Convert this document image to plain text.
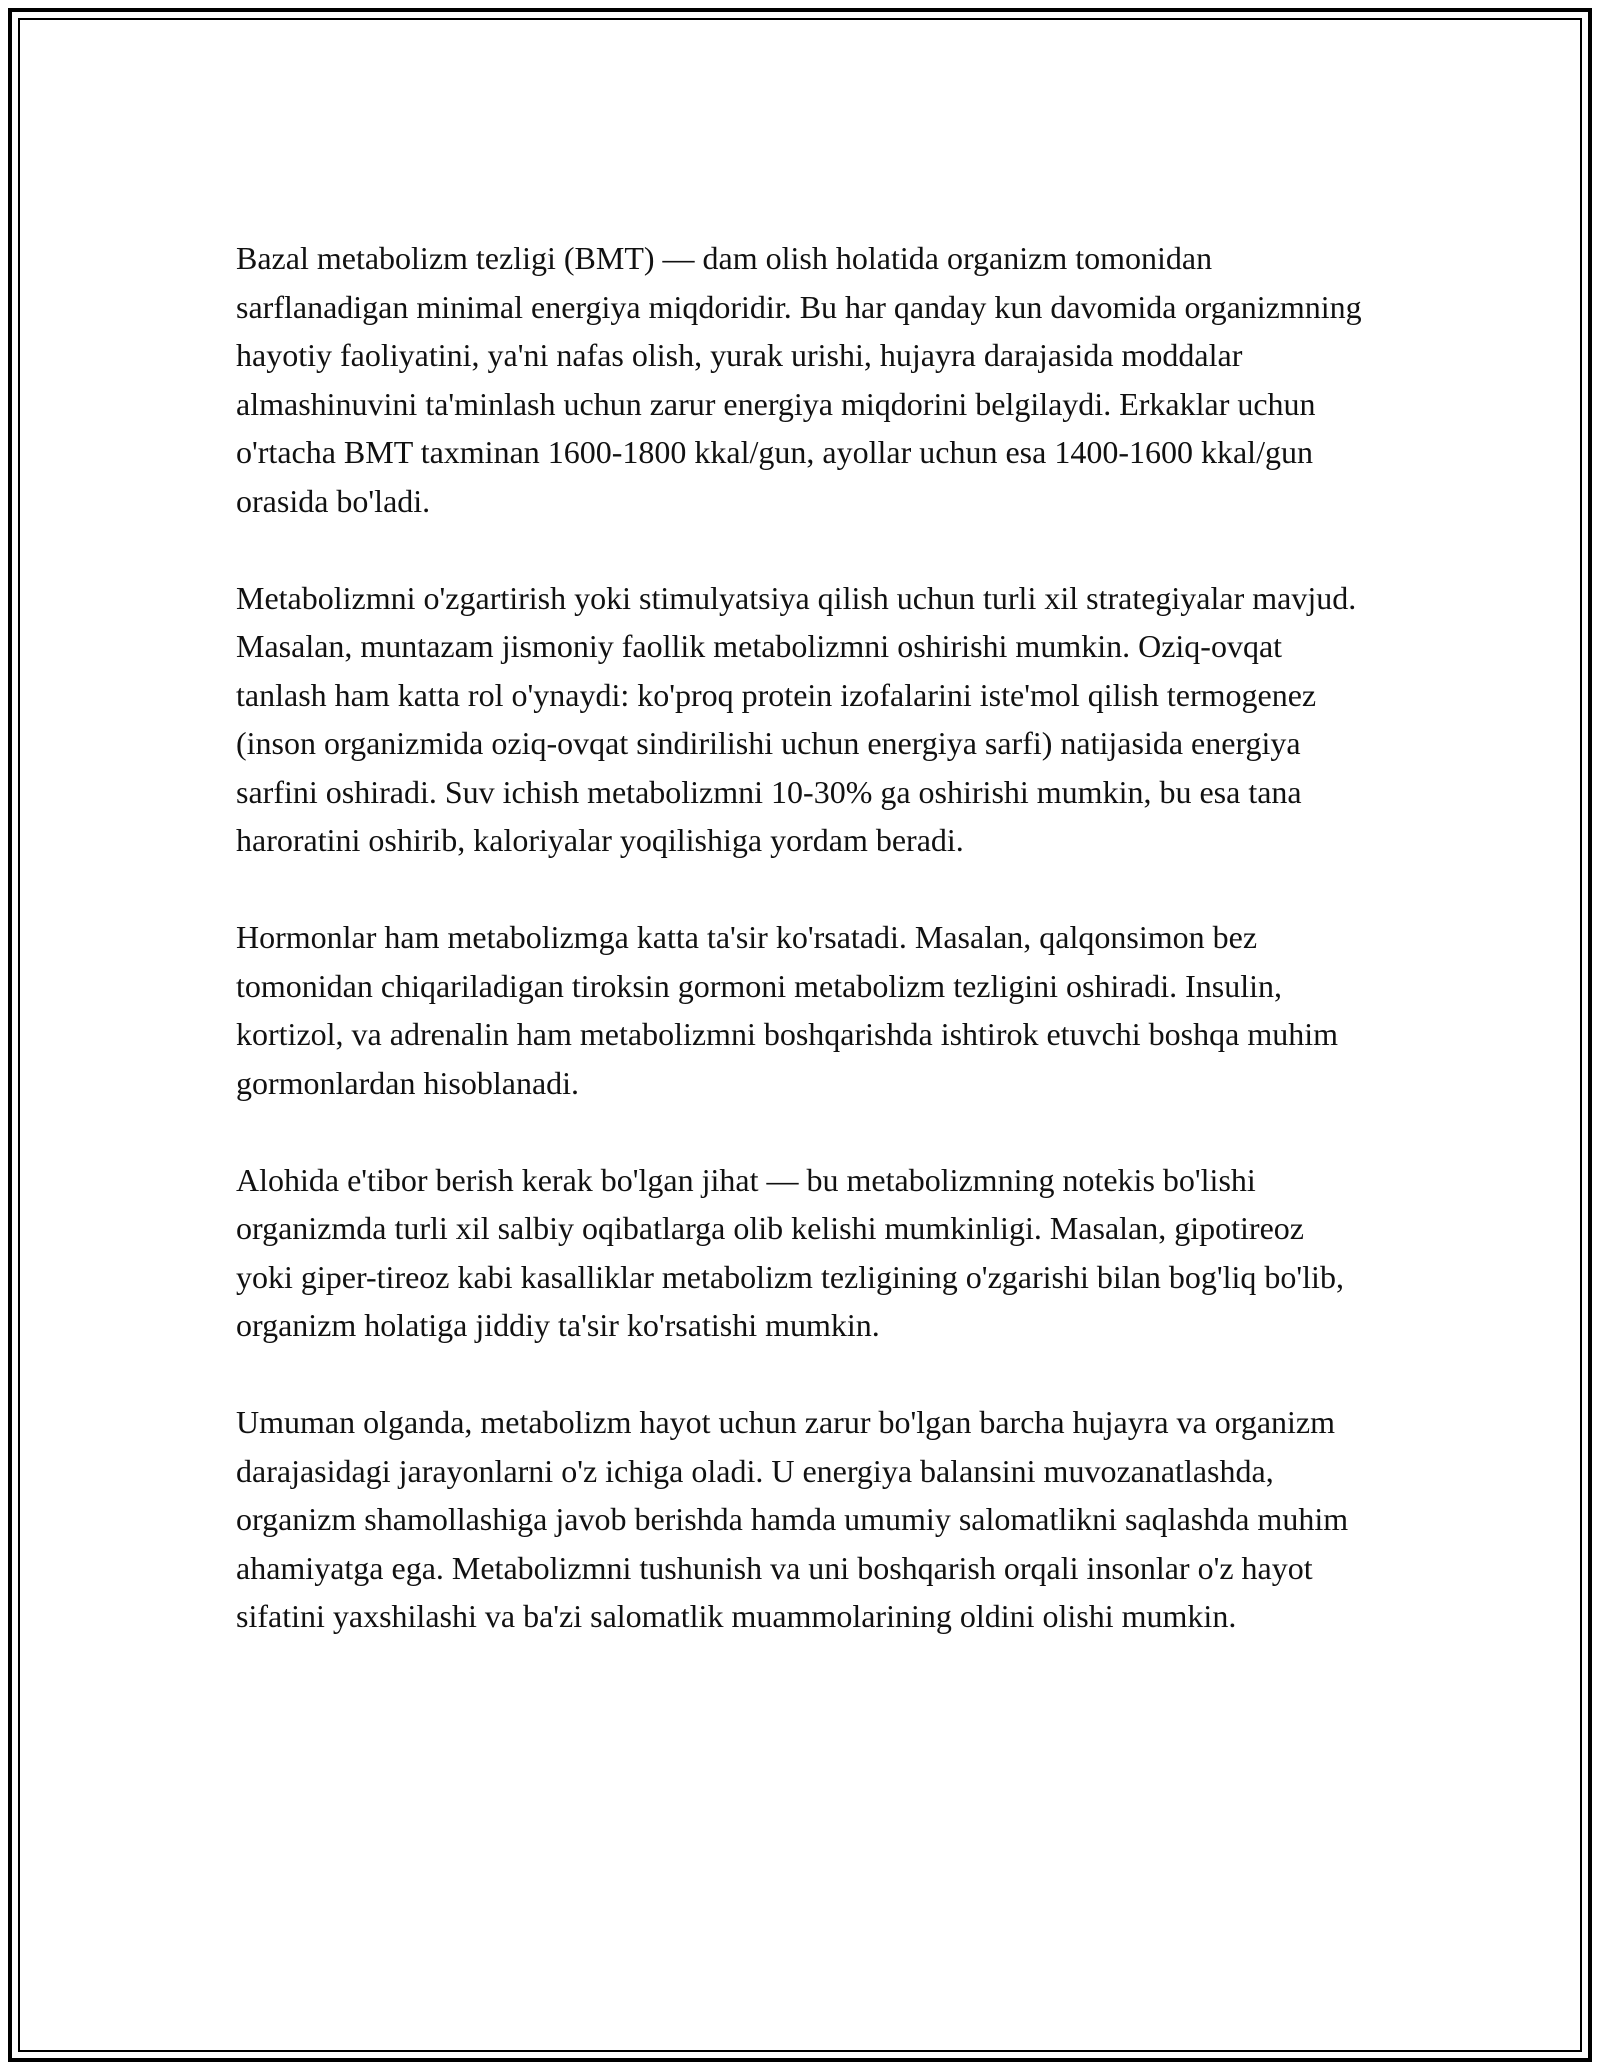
Bazal metabolizm tezligi (BMT) — dam olish holatida organizm tomonidan sarflanadigan minimal energiya miqdoridir. Bu har qanday kun davomida organizmning hayotiy faoliyatini, ya'ni nafas olish, yurak urishi, hujayra darajasida moddalar almashinuvini ta'minlash uchun zarur energiya miqdorini belgilaydi. Erkaklar uchun o'rtacha BMT taxminan 1600-1800 kkal/gun, ayollar uchun esa 1400-1600 kkal/gun orasida bo'ladi.

Metabolizmni o'zgartirish yoki stimulyatsiya qilish uchun turli xil strategiyalar mavjud. Masalan, muntazam jismoniy faollik metabolizmni oshirishi mumkin. Oziq-ovqat tanlash ham katta rol o'ynaydi: ko'proq protein izofalarini iste'mol qilish termogenez (inson organizmida oziq-ovqat sindirilishi uchun energiya sarfi) natijasida energiya sarfini oshiradi. Suv ichish metabolizmni 10-30% ga oshirishi mumkin, bu esa tana haroratini oshirib, kaloriyalar yoqilishiga yordam beradi.

Hormonlar ham metabolizmga katta ta'sir ko'rsatadi. Masalan, qalqonsimon bez tomonidan chiqariladigan tiroksin gormoni metabolizm tezligini oshiradi. Insulin, kortizol, va adrenalin ham metabolizmni boshqarishda ishtirok etuvchi boshqa muhim gormonlardan hisoblanadi.

Alohida e'tibor berish kerak bo'lgan jihat — bu metabolizmning notekis bo'lishi organizmda turli xil salbiy oqibatlarga olib kelishi mumkinligi. Masalan, gipotireoz yoki giper-tireoz kabi kasalliklar metabolizm tezligining o'zgarishi bilan bog'liq bo'lib, organizm holatiga jiddiy ta'sir ko'rsatishi mumkin.

Umuman olganda, metabolizm hayot uchun zarur bo'lgan barcha hujayra va organizm darajasidagi jarayonlarni o'z ichiga oladi. U energiya balansini muvozanatlashda, organizm shamollashiga javob berishda hamda umumiy salomatlikni saqlashda muhim ahamiyatga ega. Metabolizmni tushunish va uni boshqarish orqali insonlar o'z hayot sifatini yaxshilashi va ba'zi salomatlik muammolarining oldini olishi mumkin.
